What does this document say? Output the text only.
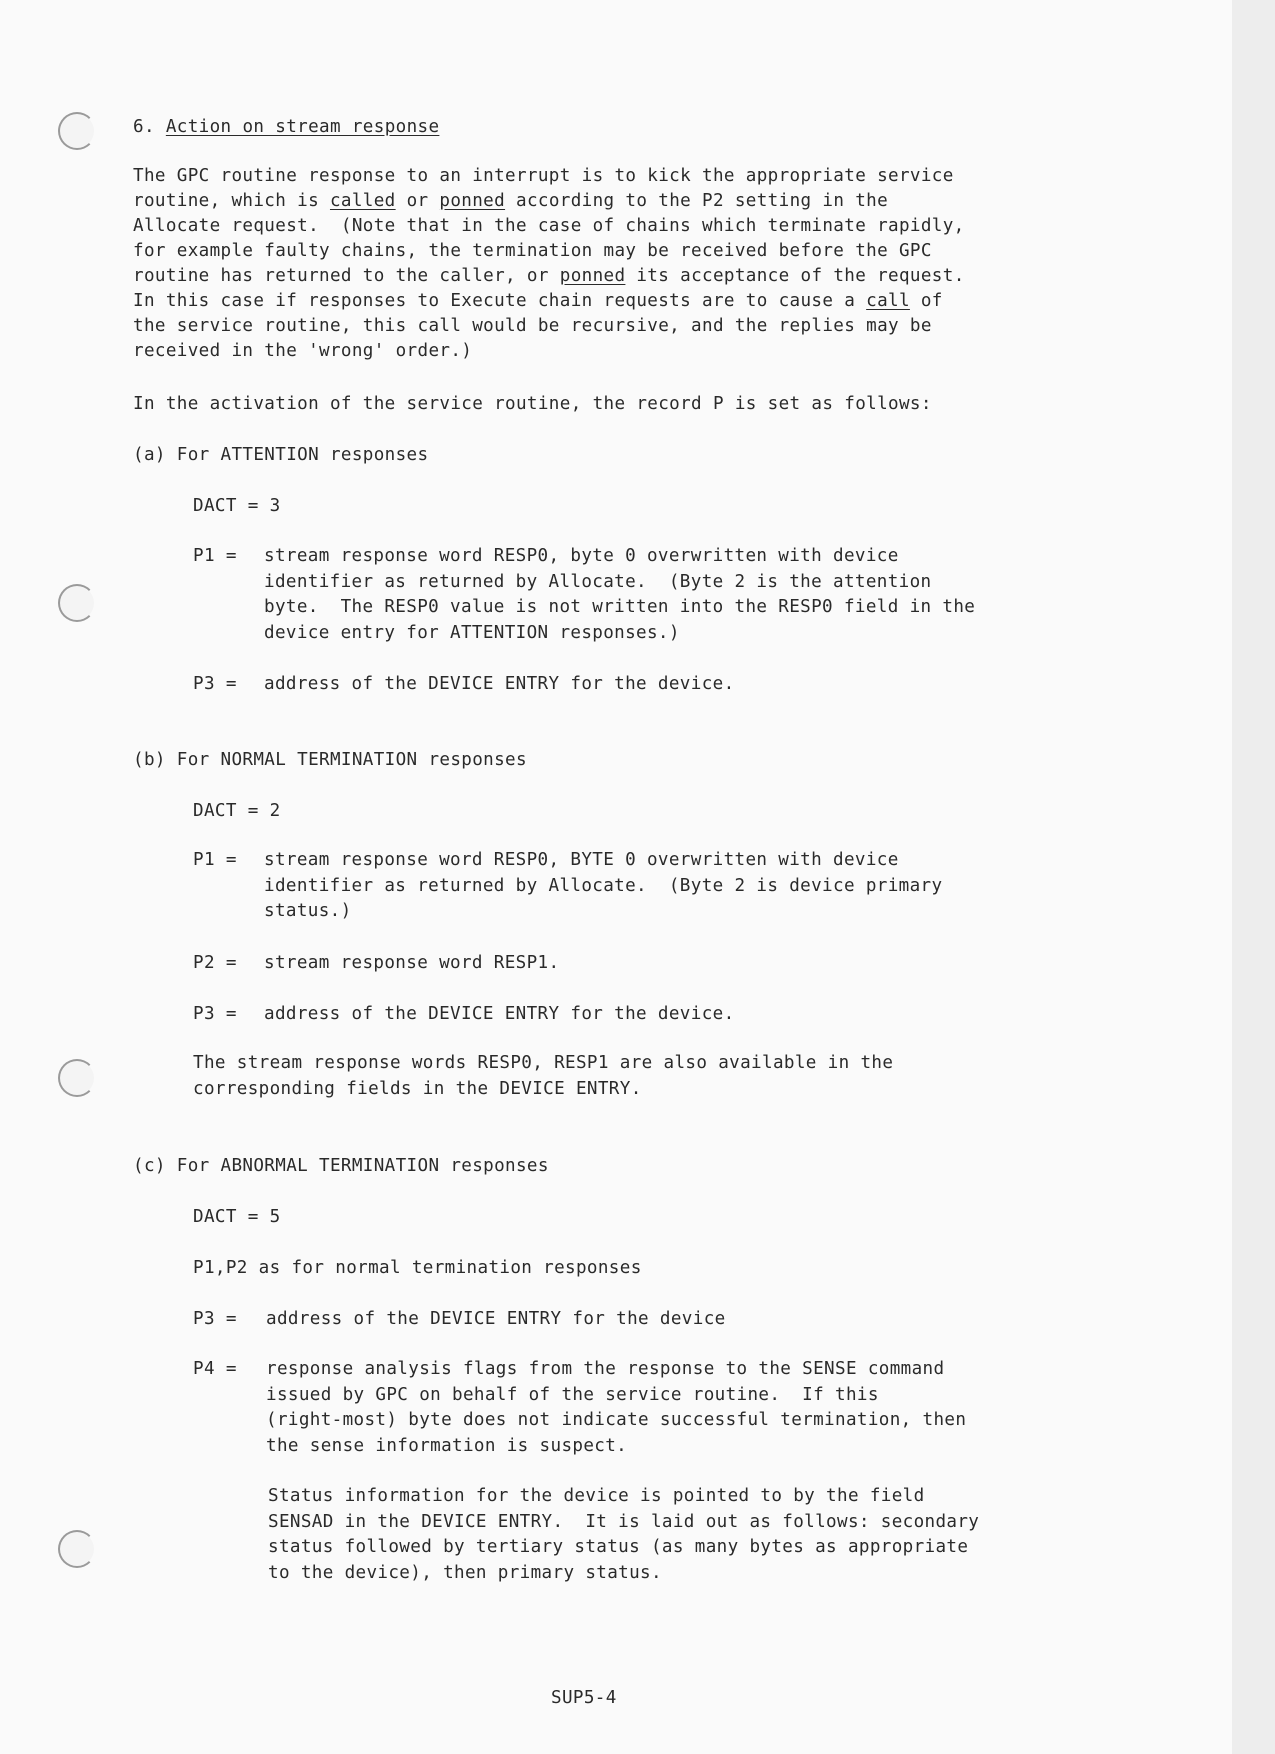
6. Action on stream response
The GPC routine response to an interrupt is to kick the appropriate service
routine, which is called or ponned according to the P2 setting in the
Allocate request.  (Note that in the case of chains which terminate rapidly,
for example faulty chains, the termination may be received before the GPC
routine has returned to the caller, or ponned its acceptance of the request.
In this case if responses to Execute chain requests are to cause a call of
the service routine, this call would be recursive, and the replies may be
received in the 'wrong' order.)
In the activation of the service routine, the record P is set as follows:
(a) For ATTENTION responses
DACT = 3
P1 = stream response word RESP0, byte 0 overwritten with device
identifier as returned by Allocate.  (Byte 2 is the attention
byte.  The RESP0 value is not written into the RESP0 field in the
device entry for ATTENTION responses.)
P3 = address of the DEVICE ENTRY for the device.
(b) For NORMAL TERMINATION responses
DACT = 2
P1 = stream response word RESP0, BYTE 0 overwritten with device
identifier as returned by Allocate.  (Byte 2 is device primary
status.)
P2 = stream response word RESP1.
P3 = address of the DEVICE ENTRY for the device.
The stream response words RESP0, RESP1 are also available in the
corresponding fields in the DEVICE ENTRY.
(c) For ABNORMAL TERMINATION responses
DACT = 5
P1,P2 as for normal termination responses
P3 = address of the DEVICE ENTRY for the device
P4 = response analysis flags from the response to the SENSE command
issued by GPC on behalf of the service routine.  If this
(right-most) byte does not indicate successful termination, then
the sense information is suspect.
Status information for the device is pointed to by the field
SENSAD in the DEVICE ENTRY.  It is laid out as follows: secondary
status followed by tertiary status (as many bytes as appropriate
to the device), then primary status.
SUP5-4
